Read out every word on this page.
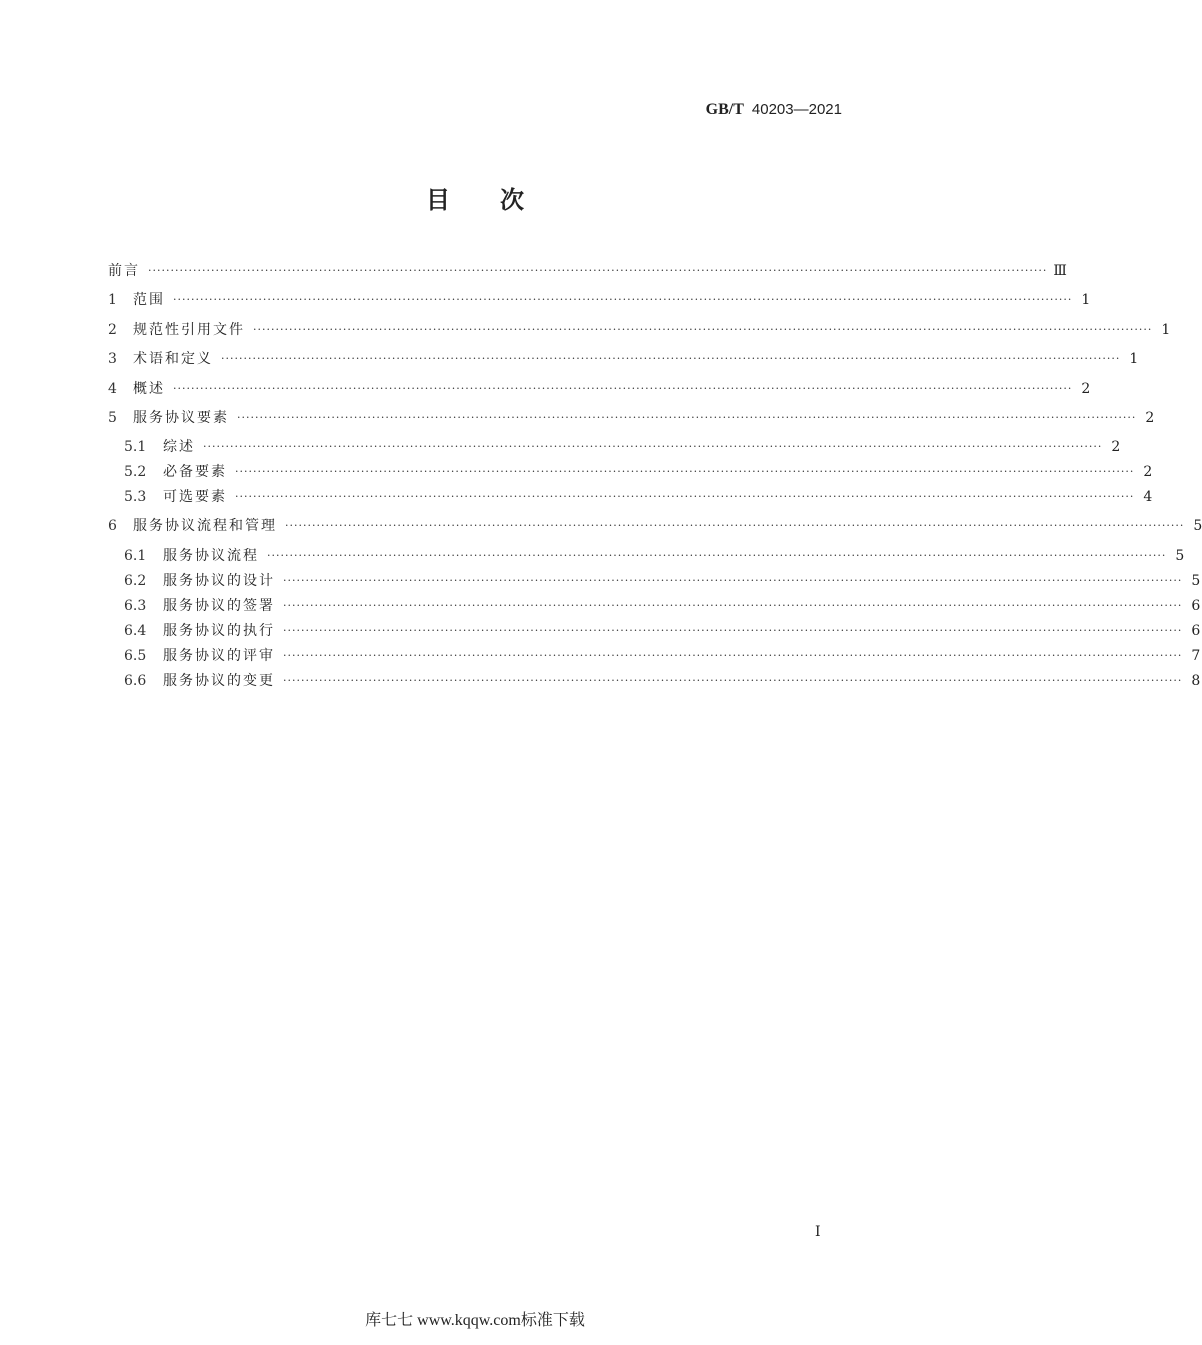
GB/T 40203—2021
目次
前言 ········································································································································································································ Ⅲ
1	范围 ········································································································································································································ 1
2	规范性引用文件 ········································································································································································································ 1
3	术语和定义 ········································································································································································································ 1
4	概述 ········································································································································································································ 2
5	服务协议要素 ········································································································································································································ 2
5.1	综述 ········································································································································································································ 2
5.2	必备要素 ········································································································································································································ 2
5.3	可选要素 ········································································································································································································ 4
6	服务协议流程和管理 ········································································································································································································ 5
6.1	服务协议流程 ········································································································································································································ 5
6.2	服务协议的设计 ········································································································································································································ 5
6.3	服务协议的签署 ········································································································································································································ 6
6.4	服务协议的执行 ········································································································································································································ 6
6.5	服务协议的评审 ········································································································································································································ 7
6.6	服务协议的变更 ········································································································································································································ 8
I
库七七 www.kqqw.com标准下载
